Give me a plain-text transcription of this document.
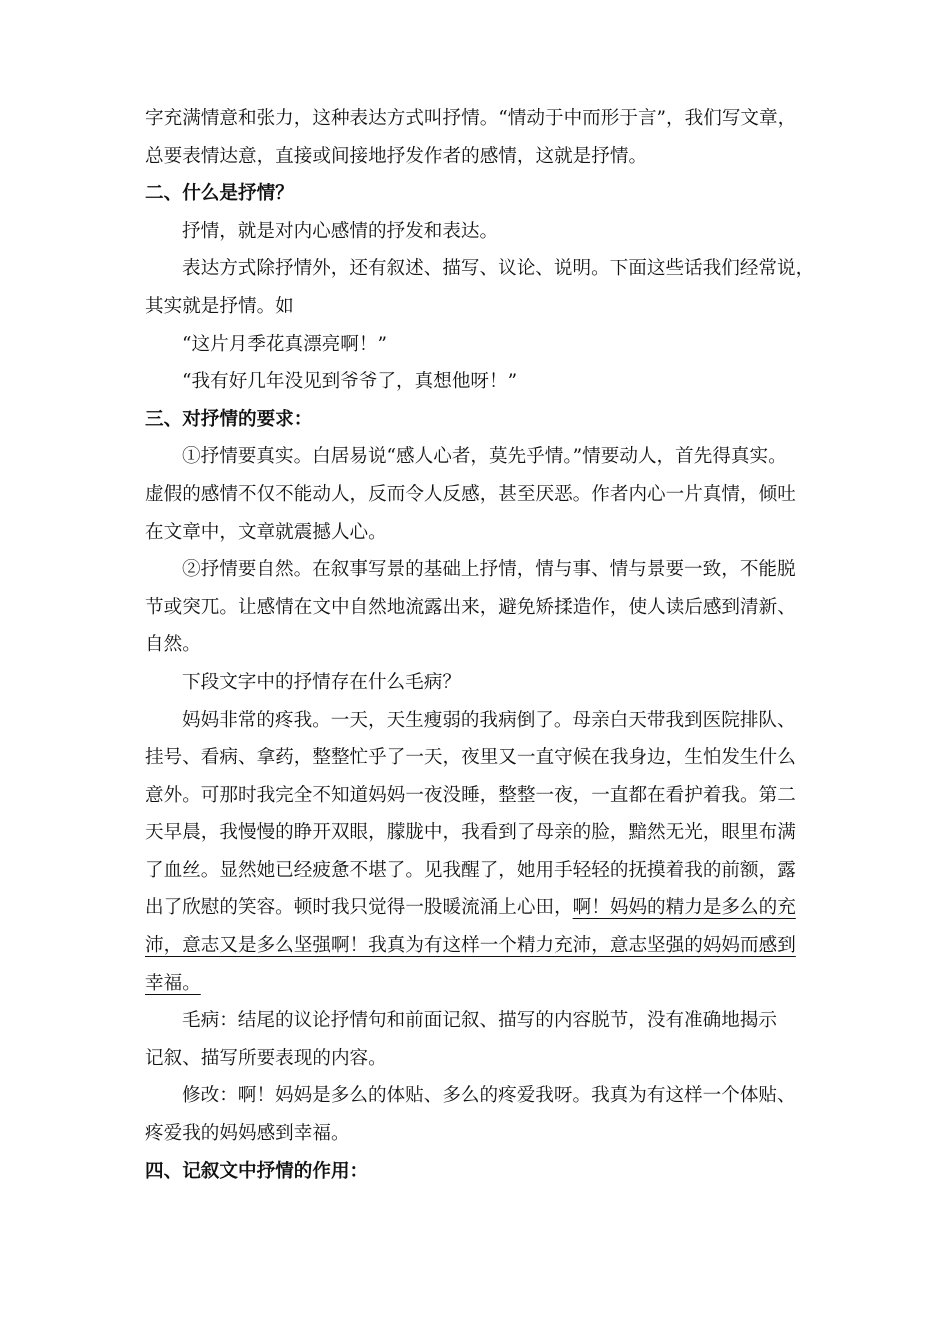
字充满情意和张力，这种表达方式叫抒情。“情动于中而形于言”，我们写文章，
总要表情达意，直接或间接地抒发作者的感情，这就是抒情。
二、什么是抒情？
抒情，就是对内心感情的抒发和表达。
表达方式除抒情外，还有叙述、描写、议论、说明。下面这些话我们经常说，
其实就是抒情。如
“这片月季花真漂亮啊！”
“我有好几年没见到爷爷了，真想他呀！”
三、对抒情的要求：
①抒情要真实。白居易说“感人心者，莫先乎情。”情要动人，首先得真实。
虚假的感情不仅不能动人，反而令人反感，甚至厌恶。作者内心一片真情，倾吐
在文章中，文章就震撼人心。
②抒情要自然。在叙事写景的基础上抒情，情与事、情与景要一致，不能脱
节或突兀。让感情在文中自然地流露出来，避免矫揉造作，使人读后感到清新、
自然。
下段文字中的抒情存在什么毛病？
妈妈非常的疼我。一天，天生瘦弱的我病倒了。母亲白天带我到医院排队、
挂号、看病、拿药，整整忙乎了一天，夜里又一直守候在我身边，生怕发生什么
意外。可那时我完全不知道妈妈一夜没睡，整整一夜，一直都在看护着我。第二
天早晨，我慢慢的睁开双眼，朦胧中，我看到了母亲的脸，黯然无光，眼里布满
了血丝。显然她已经疲惫不堪了。见我醒了，她用手轻轻的抚摸着我的前额，露
出了欣慰的笑容。顿时我只觉得一股暖流涌上心田，啊！妈妈的精力是多么的充
沛，意志又是多么坚强啊！我真为有这样一个精力充沛，意志坚强的妈妈而感到
幸福。
毛病：结尾的议论抒情句和前面记叙、描写的内容脱节，没有准确地揭示
记叙、描写所要表现的内容。
修改：啊！妈妈是多么的体贴、多么的疼爱我呀。我真为有这样一个体贴、
疼爱我的妈妈感到幸福。
四、记叙文中抒情的作用：
